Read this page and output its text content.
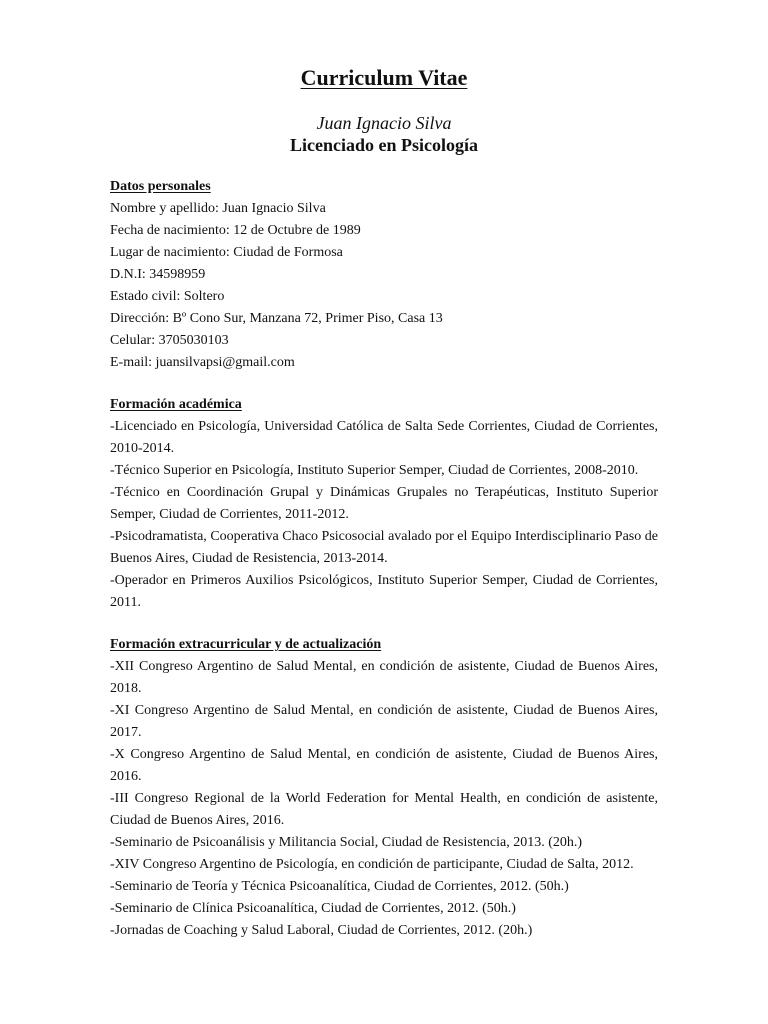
Curriculum Vitae
Juan Ignacio Silva
Licenciado en Psicología
Datos personales
Nombre y apellido: Juan Ignacio Silva
Fecha de nacimiento: 12 de Octubre de 1989
Lugar de nacimiento: Ciudad de Formosa
D.N.I: 34598959
Estado civil: Soltero
Dirección: Bº Cono Sur, Manzana 72, Primer Piso, Casa 13
Celular: 3705030103
E-mail: juansilvapsi@gmail.com
Formación académica
-Licenciado en Psicología, Universidad Católica de Salta Sede Corrientes, Ciudad de Corrientes, 2010-2014.
-Técnico Superior en Psicología, Instituto Superior Semper, Ciudad de Corrientes, 2008-2010.
-Técnico en Coordinación Grupal y Dinámicas Grupales no Terapéuticas, Instituto Superior Semper, Ciudad de Corrientes, 2011-2012.
-Psicodramatista, Cooperativa Chaco Psicosocial avalado por el Equipo Interdisciplinario Paso de Buenos Aires, Ciudad de Resistencia, 2013-2014.
-Operador en Primeros Auxilios Psicológicos, Instituto Superior Semper, Ciudad de Corrientes, 2011.
Formación extracurricular y de actualización
-XII Congreso Argentino de Salud Mental, en condición de asistente, Ciudad de Buenos Aires, 2018.
-XI Congreso Argentino de Salud Mental, en condición de asistente, Ciudad de Buenos Aires, 2017.
-X Congreso Argentino de Salud Mental, en condición de asistente, Ciudad de Buenos Aires, 2016.
-III Congreso Regional de la World Federation for Mental Health, en condición de asistente, Ciudad de Buenos Aires, 2016.
-Seminario de Psicoanálisis y Militancia Social, Ciudad de Resistencia, 2013. (20h.)
-XIV Congreso Argentino de Psicología, en condición de participante, Ciudad de Salta, 2012.
-Seminario de Teoría y Técnica Psicoanalítica, Ciudad de Corrientes, 2012. (50h.)
-Seminario de Clínica Psicoanalítica, Ciudad de Corrientes, 2012. (50h.)
-Jornadas de Coaching y Salud Laboral, Ciudad de Corrientes, 2012. (20h.)
